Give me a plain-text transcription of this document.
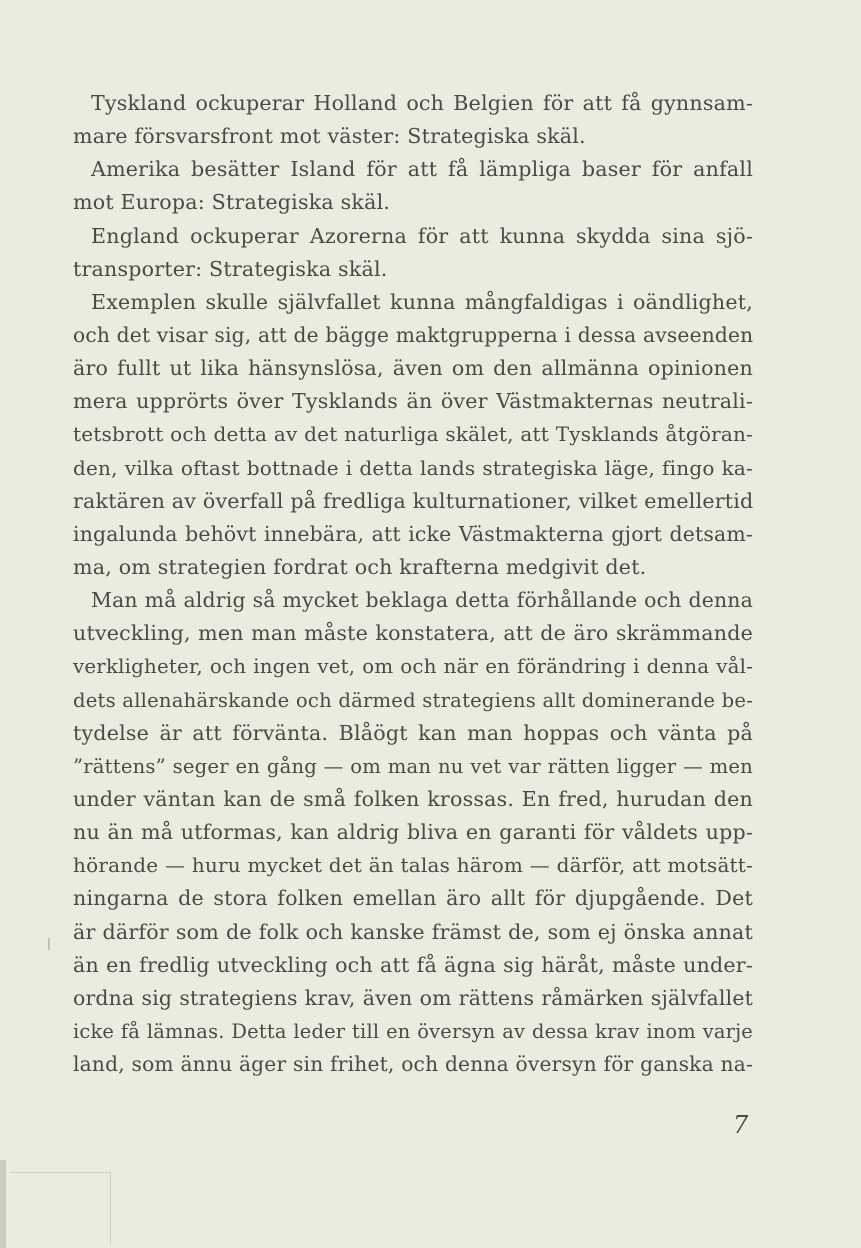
Tyskland ockuperar Holland och Belgien för att få gynnsam-
mare försvarsfront mot väster: Strategiska skäl.
Amerika besätter Island för att få lämpliga baser för anfall
mot Europa: Strategiska skäl.
England ockuperar Azorerna för att kunna skydda sina sjö-
transporter: Strategiska skäl.
Exemplen skulle självfallet kunna mångfaldigas i oändlighet,
och det visar sig, att de bägge maktgrupperna i dessa avseenden
äro fullt ut lika hänsynslösa, även om den allmänna opinionen
mera upprörts över Tysklands än över Västmakternas neutrali-
tetsbrott och detta av det naturliga skälet, att Tysklands åtgöran-
den, vilka oftast bottnade i detta lands strategiska läge, fingo ka-
raktären av överfall på fredliga kulturnationer, vilket emellertid
ingalunda behövt innebära, att icke Västmakterna gjort detsam-
ma, om strategien fordrat och krafterna medgivit det.
Man må aldrig så mycket beklaga detta förhållande och denna
utveckling, men man måste konstatera, att de äro skrämmande
verkligheter, och ingen vet, om och när en förändring i denna vål-
dets allenahärskande och därmed strategiens allt dominerande be-
tydelse är att förvänta. Blåögt kan man hoppas och vänta på
”rättens” seger en gång — om man nu vet var rätten ligger — men
under väntan kan de små folken krossas. En fred, hurudan den
nu än må utformas, kan aldrig bliva en garanti för våldets upp-
hörande — huru mycket det än talas härom — därför, att motsätt-
ningarna de stora folken emellan äro allt för djupgående. Det
är därför som de folk och kanske främst de, som ej önska annat
än en fredlig utveckling och att få ägna sig häråt, måste under-
ordna sig strategiens krav, även om rättens råmärken självfallet
icke få lämnas. Detta leder till en översyn av dessa krav inom varje
land, som ännu äger sin frihet, och denna översyn för ganska na-
7
